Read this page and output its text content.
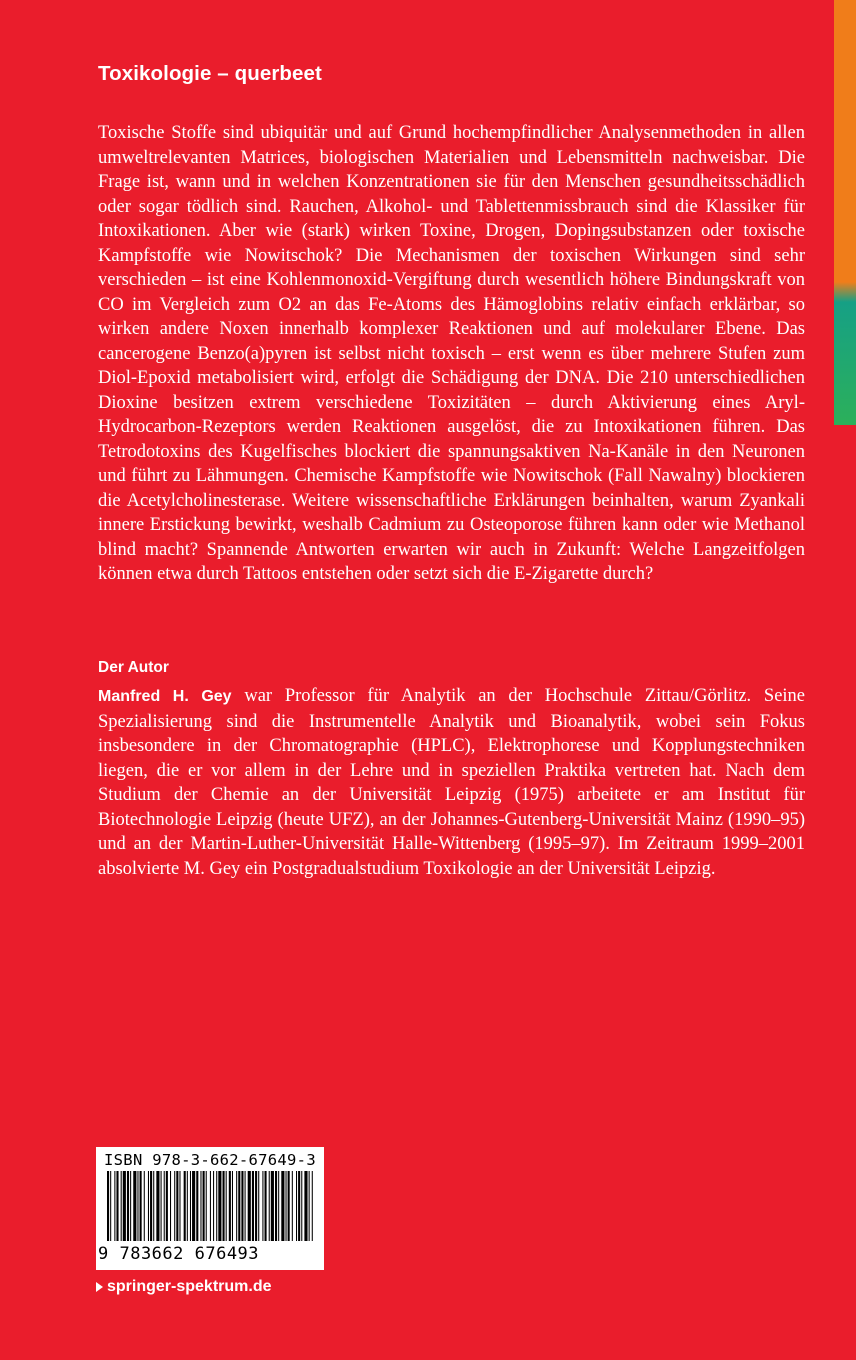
Toxikologie – querbeet
Toxische Stoffe sind ubiquitär und auf Grund hochempfindlicher Analysenmethoden in allen umweltrelevanten Matrices, biologischen Materialien und Lebensmitteln nachweisbar. Die Frage ist, wann und in welchen Konzentrationen sie für den Menschen gesundheitsschädlich oder sogar tödlich sind. Rauchen, Alkohol- und Tablettenmissbrauch sind die Klassiker für Intoxikationen. Aber wie (stark) wirken Toxine, Drogen, Dopingsubstanzen oder toxische Kampfstoffe wie Nowitschok? Die Mechanismen der toxischen Wirkungen sind sehr verschieden – ist eine Kohlenmonoxid-Vergiftung durch wesentlich höhere Bindungskraft von CO im Vergleich zum O2 an das Fe-Atoms des Hämoglobins relativ einfach erklärbar, so wirken andere Noxen innerhalb komplexer Reaktionen und auf molekularer Ebene. Das cancerogene Benzo(a)pyren ist selbst nicht toxisch – erst wenn es über mehrere Stufen zum Diol-Epoxid metabolisiert wird, erfolgt die Schädigung der DNA. Die 210 unterschiedlichen Dioxine besitzen extrem verschiedene Toxizitäten – durch Aktivierung eines Aryl-Hydrocarbon-Rezeptors werden Reaktionen ausgelöst, die zu Intoxikationen führen. Das Tetrodotoxins des Kugelfisches blockiert die spannungsaktiven Na-Kanäle in den Neuronen und führt zu Lähmungen. Chemische Kampfstoffe wie Nowitschok (Fall Nawalny) blockieren die Acetylcholinesterase. Weitere wissenschaftliche Erklärungen beinhalten, warum Zyankali innere Erstickung bewirkt, weshalb Cadmium zu Osteoporose führen kann oder wie Methanol blind macht? Spannende Antworten erwarten wir auch in Zukunft: Welche Langzeitfolgen können etwa durch Tattoos entstehen oder setzt sich die E-Zigarette durch?
Der Autor
Manfred H. Gey war Professor für Analytik an der Hochschule Zittau/Görlitz. Seine Spezialisierung sind die Instrumentelle Analytik und Bioanalytik, wobei sein Fokus insbesondere in der Chromatographie (HPLC), Elektrophorese und Kopplungstechniken liegen, die er vor allem in der Lehre und in speziellen Praktika vertreten hat. Nach dem Studium der Chemie an der Universität Leipzig (1975) arbeitete er am Institut für Biotechnologie Leipzig (heute UFZ), an der Johannes-Gutenberg-Universität Mainz (1990–95) und an der Martin-Luther-Universität Halle-Wittenberg (1995–97). Im Zeitraum 1999–2001 absolvierte M. Gey ein Postgradualstudium Toxikologie an der Universität Leipzig.
ISBN 978-3-662-67649-3
9 783662 676493
springer-spektrum.de
